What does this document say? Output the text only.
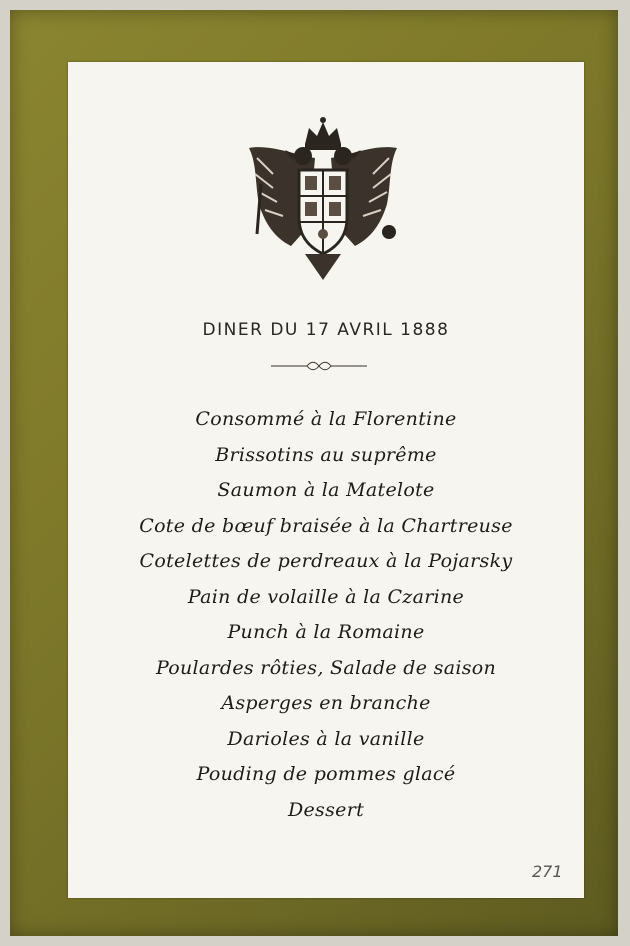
DINER DU 17 AVRIL 1888
Consommé à la Florentine
Brissotins au suprême
Saumon à la Matelote
Cote de bœuf braisée à la Chartreuse
Cotelettes de perdreaux à la Pojarsky
Pain de volaille à la Czarine
Punch à la Romaine
Poulardes rôties, Salade de saison
Asperges en branche
Darioles à la vanille
Pouding de pommes glacé
Dessert
271
